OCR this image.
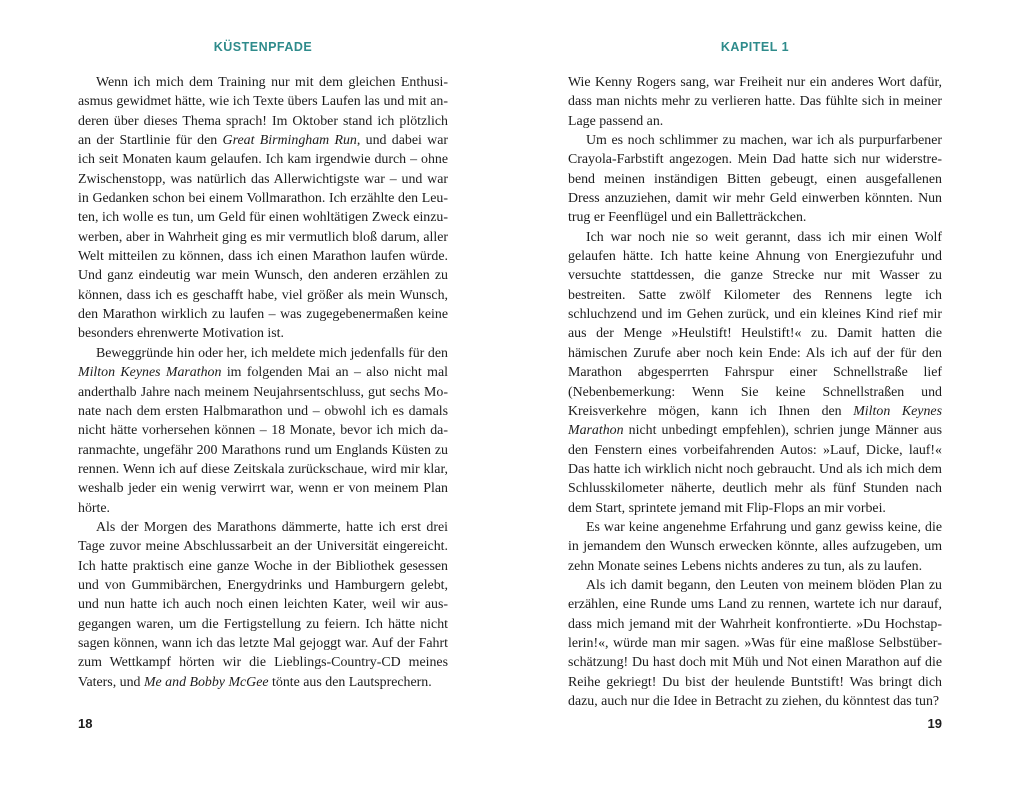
KÜSTENPFADE

Wenn ich mich dem Training nur mit dem gleichen Enthusiasmus gewidmet hätte, wie ich Texte übers Laufen las und mit anderen über dieses Thema sprach! Im Oktober stand ich plötzlich an der Startlinie für den Great Birmingham Run, und dabei war ich seit Monaten kaum gelaufen. Ich kam irgendwie durch – ohne Zwischenstopp, was natürlich das Allerwichtigste war – und war in Gedanken schon bei einem Vollmarathon. Ich erzählte den Leuten, ich wolle es tun, um Geld für einen wohltätigen Zweck einzuwerben, aber in Wahrheit ging es mir vermutlich bloß darum, aller Welt mitteilen zu können, dass ich einen Marathon laufen würde. Und ganz eindeutig war mein Wunsch, den anderen erzählen zu können, dass ich es geschafft habe, viel größer als mein Wunsch, den Marathon wirklich zu laufen – was zugegebenermaßen keine besonders ehrenwerte Motivation ist.

Beweggründe hin oder her, ich meldete mich jedenfalls für den Milton Keynes Marathon im folgenden Mai an – also nicht mal anderthalb Jahre nach meinem Neujahrsentschluss, gut sechs Monate nach dem ersten Halbmarathon und – obwohl ich es damals nicht hätte vorhersehen können – 18 Monate, bevor ich mich daranmachte, ungefähr 200 Marathons rund um Englands Küsten zu rennen. Wenn ich auf diese Zeitskala zurückschaue, wird mir klar, weshalb jeder ein wenig verwirrt war, wenn er von meinem Plan hörte.

Als der Morgen des Marathons dämmerte, hatte ich erst drei Tage zuvor meine Abschlussarbeit an der Universität eingereicht. Ich hatte praktisch eine ganze Woche in der Bibliothek gesessen und von Gummibärchen, Energydrinks und Hamburgern gelebt, und nun hatte ich auch noch einen leichten Kater, weil wir ausgegangen waren, um die Fertigstellung zu feiern. Ich hätte nicht sagen können, wann ich das letzte Mal gejoggt war. Auf der Fahrt zum Wettkampf hörten wir die Lieblings-Country-CD meines Vaters, und Me and Bobby McGee tönte aus den Lautsprechern.

18
KAPITEL 1

Wie Kenny Rogers sang, war Freiheit nur ein anderes Wort dafür, dass man nichts mehr zu verlieren hatte. Das fühlte sich in meiner Lage passend an.

Um es noch schlimmer zu machen, war ich als purpurfarbener Crayola-Farbstift angezogen. Mein Dad hatte sich nur widerstrebend meinen inständigen Bitten gebeugt, einen ausgefallenen Dress anzuziehen, damit wir mehr Geld einwerben könnten. Nun trug er Feenflügel und ein Balletträckchen.

Ich war noch nie so weit gerannt, dass ich mir einen Wolf gelaufen hätte. Ich hatte keine Ahnung von Energiezufuhr und versuchte stattdessen, die ganze Strecke nur mit Wasser zu bestreiten. Satte zwölf Kilometer des Rennens legte ich schluchzend und im Gehen zurück, und ein kleines Kind rief mir aus der Menge »Heulstift! Heulstift!« zu. Damit hatten die hämischen Zurufe aber noch kein Ende: Als ich auf der für den Marathon abgesperrten Fahrspur einer Schnellstraße lief (Nebenbemerkung: Wenn Sie keine Schnellstraßen und Kreisverkehre mögen, kann ich Ihnen den Milton Keynes Marathon nicht unbedingt empfehlen), schrien junge Männer aus den Fenstern eines vorbeifahrenden Autos: »Lauf, Dicke, lauf!« Das hatte ich wirklich nicht noch gebraucht. Und als ich mich dem Schlusskilometer näherte, deutlich mehr als fünf Stunden nach dem Start, sprintete jemand mit Flip-Flops an mir vorbei.

Es war keine angenehme Erfahrung und ganz gewiss keine, die in jemandem den Wunsch erwecken könnte, alles aufzugeben, um zehn Monate seines Lebens nichts anderes zu tun, als zu laufen.

Als ich damit begann, den Leuten von meinem blöden Plan zu erzählen, eine Runde ums Land zu rennen, wartete ich nur darauf, dass mich jemand mit der Wahrheit konfrontierte. »Du Hochstaplerin!«, würde man mir sagen. »Was für eine maßlose Selbstüberschätzung! Du hast doch mit Müh und Not einen Marathon auf die Reihe gekriegt! Du bist der heulende Buntstift! Was bringt dich dazu, auch nur die Idee in Betracht zu ziehen, du könntest das tun?

19
